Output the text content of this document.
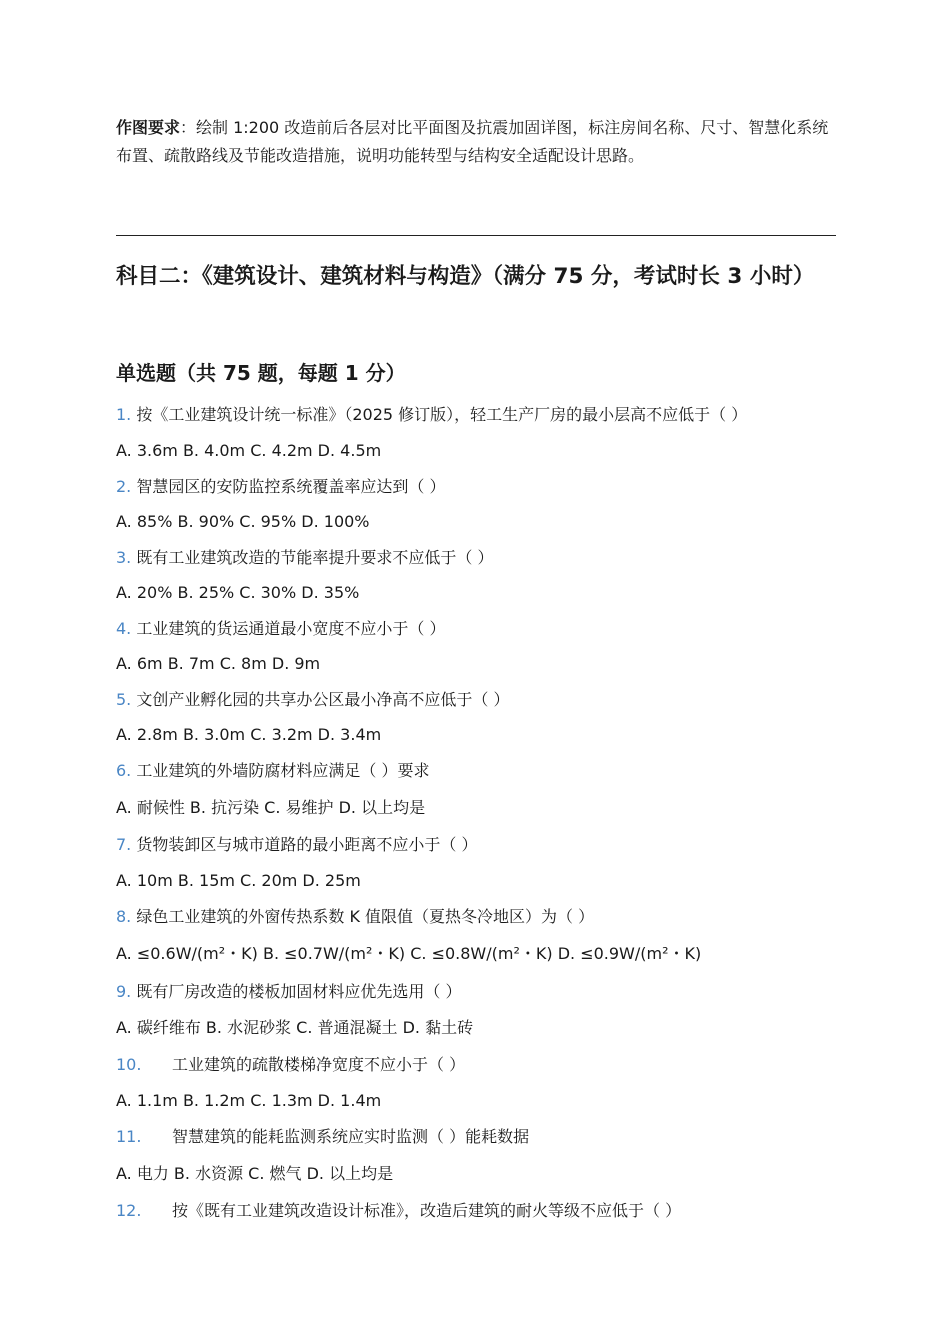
作图要求：绘制 1:200 改造前后各层对比平面图及抗震加固详图，标注房间名称、尺寸、智慧化系统布置、疏散路线及节能改造措施，说明功能转型与结构安全适配设计思路。
科目二：《建筑设计、建筑材料与构造》（满分 75 分，考试时长 3 小时）
单选题（共 75 题，每题 1 分）
1. 按《工业建筑设计统一标准》（2025 修订版），轻工生产厂房的最小层高不应低于（ ）
A. 3.6m B. 4.0m C. 4.2m D. 4.5m
2. 智慧园区的安防监控系统覆盖率应达到（ ）
A. 85% B. 90% C. 95% D. 100%
3. 既有工业建筑改造的节能率提升要求不应低于（ ）
A. 20% B. 25% C. 30% D. 35%
4. 工业建筑的货运通道最小宽度不应小于（ ）
A. 6m B. 7m C. 8m D. 9m
5. 文创产业孵化园的共享办公区最小净高不应低于（ ）
A. 2.8m B. 3.0m C. 3.2m D. 3.4m
6. 工业建筑的外墙防腐材料应满足（ ）要求
A. 耐候性 B. 抗污染 C. 易维护 D. 以上均是
7. 货物装卸区与城市道路的最小距离不应小于（ ）
A. 10m B. 15m C. 20m D. 25m
8. 绿色工业建筑的外窗传热系数 K 值限值（夏热冬冷地区）为（ ）
A. ≤0.6W/(m²・K) B. ≤0.7W/(m²・K) C. ≤0.8W/(m²・K) D. ≤0.9W/(m²・K)
9. 既有厂房改造的楼板加固材料应优先选用（ ）
A. 碳纤维布 B. 水泥砂浆 C. 普通混凝土 D. 黏土砖
10. 工业建筑的疏散楼梯净宽度不应小于（ ）
A. 1.1m B. 1.2m C. 1.3m D. 1.4m
11. 智慧建筑的能耗监测系统应实时监测（ ）能耗数据
A. 电力 B. 水资源 C. 燃气 D. 以上均是
12. 按《既有工业建筑改造设计标准》，改造后建筑的耐火等级不应低于（ ）
